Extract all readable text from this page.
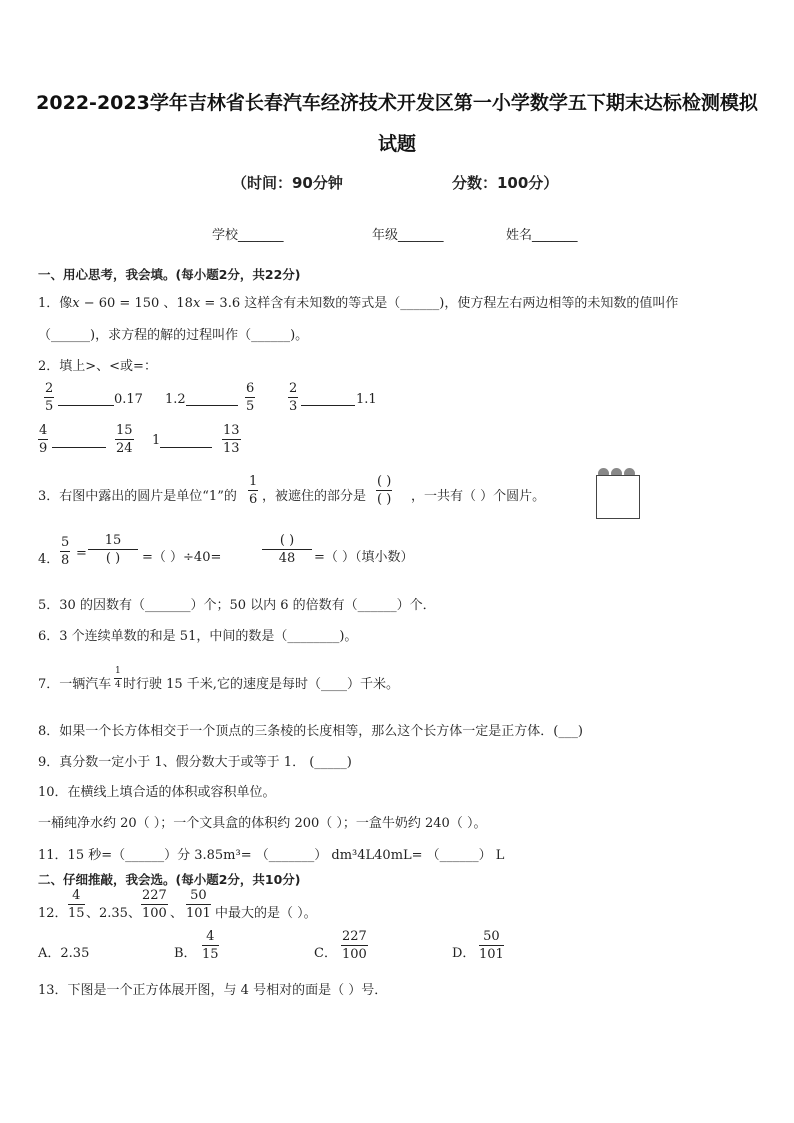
2022-2023学年吉林省长春汽车经济技术开发区第一小学数学五下期末达标检测模拟
试题
（时间：90分钟	分数：100分）
学校_______	年级_______	姓名_______
一、用心思考，我会填。(每小题2分，共22分)
1．像𝑥 − 60 = 150 、18𝑥 = 3.6 这样含有未知数的等式是（______)，使方程左右两边相等的未知数的值叫作
（______)，求方程的解的过程叫作（______)。
2．填上>、<或=：
2
5	0.17 1.2
6
5
2
3	1.1
4
9
15
24
1
13
13
3．右图中露出的圆片是单位“1”的
1
6 ，被遮住的部分是
( )
( ) ，一共有（ ）个圆片。
4．
5
8 =
15
( )	=（ ）÷40=
( )
48	=（ ）（填小数）
5．30 的因数有（_______）个；50 以内 6 的倍数有（______）个．
6．3 个连续单数的和是 51，中间的数是（________)。
7．一辆汽车
1
4 时行驶 15 千米,它的速度是每时（____）千米。
8．如果一个长方体相交于一个顶点的三条棱的长度相等，那么这个长方体一定是正方体．(___)
9．真分数一定小于 1、假分数大于或等于 1． (_____)
10．在横线上填合适的体积或容积单位。
一桶纯净水约 20（ ）；一个文具盒的体积约 200（ ）；一盒牛奶约 240（ ）。
11．15 秒=（______）分 3.85m³= （_______） dm³4L40mL= （______） L
二、仔细推敲，我会选。(每小题2分，共10分)
12．
4
15 、2.35、
227
100 、
50
101 中最大的是（ ）。
A．2.35	B．
4
15	C．
227
100	D．
50
101
13．下图是一个正方体展开图，与 4 号相对的面是（ ）号．
